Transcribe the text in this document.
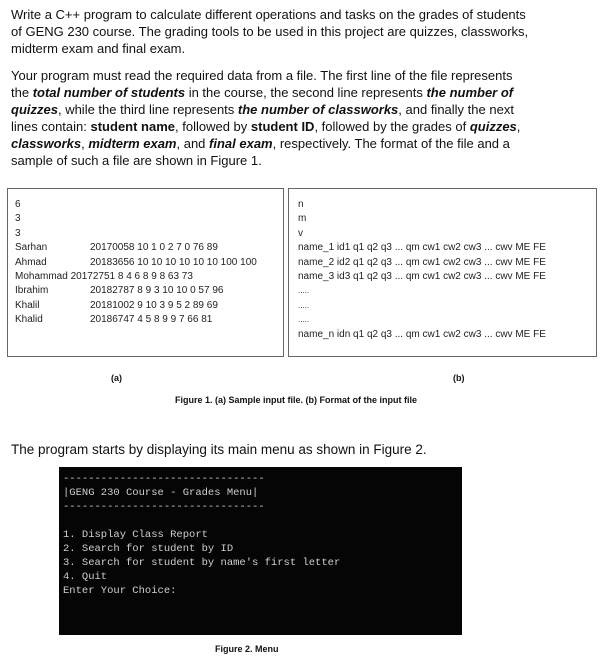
Write a C++ program to calculate different operations and tasks on the grades of students
of GENG 230 course. The grading tools to be used in this project are quizzes, classworks,
midterm exam and final exam.
Your program must read the required data from a file. The first line of the file represents
the total number of students in the course, the second line represents the number of
quizzes, while the third line represents the number of classworks, and finally the next
lines contain: student name, followed by student ID, followed by the grades of quizzes,
classworks, midterm exam, and final exam, respectively. The format of the file and a
sample of such a file are shown in Figure 1.
6
3
3
Sarhan	20170058 10 1 0 2 7 0 76 89
Ahmad	20183656 10 10 10 10 10 10 100 100
Mohammad 20172751 8 4 6 8 9 8 63 73
Ibrahim	20182787 8 9 3 10 10 0 57 96
Khalil	20181002 9 10 3 9 5 2 89 69
Khalid	20186747 4 5 8 9 9 7 66 81
n
m
v
name_1 id1 q1 q2 q3 ... qm cw1 cw2 cw3 ... cwv ME FE
name_2 id2 q1 q2 q3 ... qm cw1 cw2 cw3 ... cwv ME FE
name_3 id3 q1 q2 q3 ... qm cw1 cw2 cw3 ... cwv ME FE
.....
.....
.....
name_n idn q1 q2 q3 ... qm cw1 cw2 cw3 ... cwv ME FE
(a)	(b)
Figure 1. (a) Sample input file. (b) Format of the input file
The program starts by displaying its main menu as shown in Figure 2.
--------------------------------
|GENG 230 Course - Grades Menu|
--------------------------------

1. Display Class Report
2. Search for student by ID
3. Search for student by name's first letter
4. Quit
Enter Your Choice:
Figure 2. Menu
